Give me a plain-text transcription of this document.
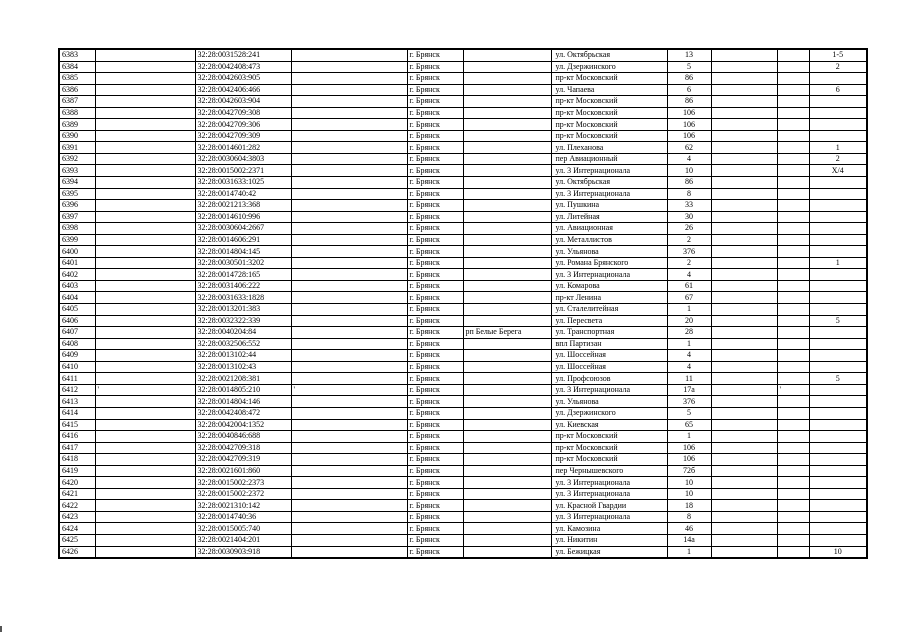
6383		32:28:0031528:241		г. Брянск		ул. Октябрьская	13			1-5
6384		32:28:0042408:473		г. Брянск		ул. Дзержинского	5			2
6385		32:28:0042603:905		г. Брянск		пр-кт Московский	86			
6386		32:28:0042406:466		г. Брянск		ул. Чапаева	6			6
6387		32:28:0042603:904		г. Брянск		пр-кт Московский	86			
6388		32:28:0042709:308		г. Брянск		пр-кт Московский	106			
6389		32:28:0042709:306		г. Брянск		пр-кт Московский	106			
6390		32:28:0042709:309		г. Брянск		пр-кт Московский	106			
6391		32:28:0014601:282		г. Брянск		ул. Плеханова	62			1
6392		32:28:0030604:3803		г. Брянск		пер Авиационный	4			2
6393		32:28:0015002:2371		г. Брянск		ул. 3 Интернационала	10			Х/4
6394		32:28:0031633:1025		г. Брянск		ул. Октябрьская	86			
6395		32:28:0014740:42		г. Брянск		ул. 3 Интернационала	8			
6396		32:28:0021213:368		г. Брянск		ул. Пушкина	33			
6397		32:28:0014610:996		г. Брянск		ул. Литейная	30			
6398		32:28:0030604:2667		г. Брянск		ул. Авиационная	26			
6399		32:28:0014606:291		г. Брянск		ул. Металлистов	2			
6400		32:28:0014804:145		г. Брянск		ул. Ульянова	376			
6401		32:28:0030501:3202		г. Брянск		ул. Романа Брянского	2			1
6402		32:28:0014728:165		г. Брянск		ул. 3 Интернационала	4			
6403		32:28:0031406:222		г. Брянск		ул. Комарова	61			
6404		32:28:0031633:1828		г. Брянск		пр-кт Ленина	67			
6405		32:28:0013201:383		г. Брянск		ул. Сталелитейная	1			
6406		32:28:0032322:339		г. Брянск		ул. Пересвета	20			5
6407		32:28:0040204:84		г. Брянск	рп Белые Берега	ул. Транспортная	28			
6408		32:28:0032506:552		г. Брянск		впл Партизан	1			
6409		32:28:0013102:44		г. Брянск		ул. Шоссейная	4			
6410		32:28:0013102:43		г. Брянск		ул. Шоссейная	4			
6411		32:28:0021208:381		г. Брянск		ул. Профсоюзов	11			5
6412	'	32:28:0014805:210	'	г. Брянск		ул. 3 Интернационала	17а		'	
6413		32:28:0014804:146		г. Брянск		ул. Ульянова	376			
6414		32:28:0042408:472		г. Брянск		ул. Дзержинского	5			
6415		32:28:0042004:1352		г. Брянск		ул. Киевская	65			
6416		32:28:0040846:688		г. Брянск		пр-кт Московский	1			
6417		32:28:0042709:318		г. Брянск		пр-кт Московский	106			
6418		32:28:0042709:319		г. Брянск		пр-кт Московский	106			
6419		32:28:0021601:860		г. Брянск		пер Чернышевского	72б			
6420		32:28:0015002:2373		г. Брянск		ул. 3 Интернационала	10			
6421		32:28:0015002:2372		г. Брянск		ул. 3 Интернационала	10			
6422		32:28:0021310:142		г. Брянск		ул. Красной Гвардии	18			
6423		32:28:0014740:36		г. Брянск		ул. 3 Интернационала	8			
6424		32:28:0015005:740		г. Брянск		ул. Камозина	46			
6425		32:28:0021404:201		г. Брянск		ул. Никитин	14а			
6426		32:28:0030903:918		г. Брянск		ул. Бежицкая	1			10
